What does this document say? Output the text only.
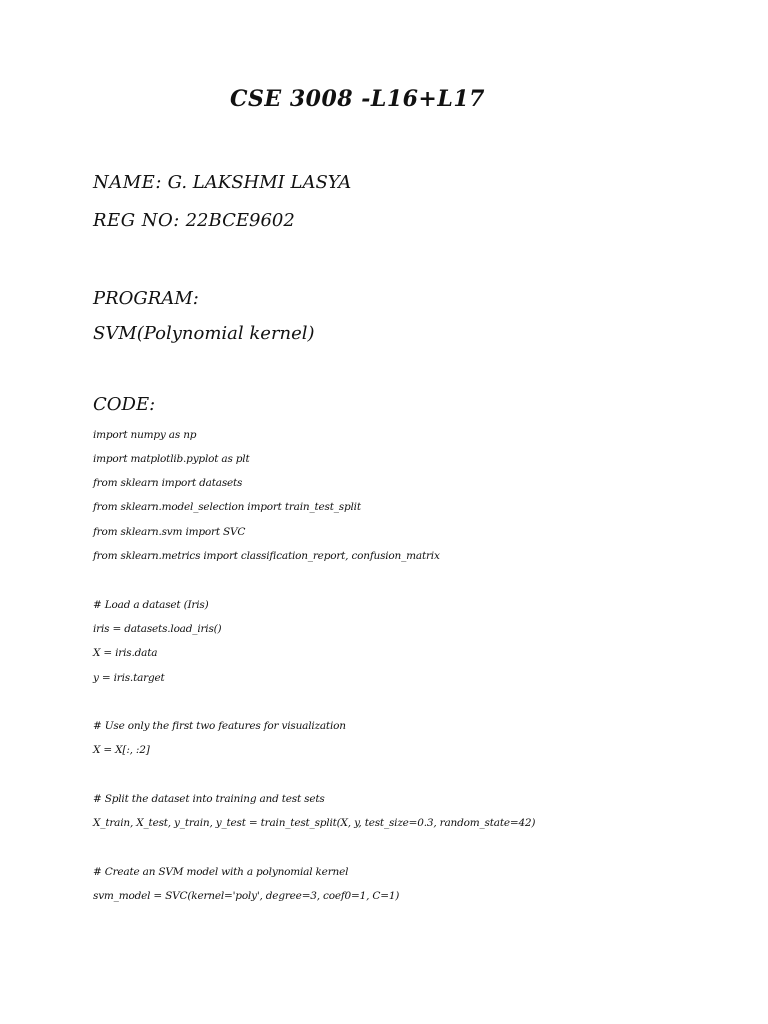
CSE 3008 -L16+L17
NAME: G. LAKSHMI LASYA
REG NO: 22BCE9602
PROGRAM:
SVM(Polynomial kernel)
CODE:
import numpy as np
import matplotlib.pyplot as plt
from sklearn import datasets
from sklearn.model_selection import train_test_split
from sklearn.svm import SVC
from sklearn.metrics import classification_report, confusion_matrix
# Load a dataset (Iris)
iris = datasets.load_iris()
X = iris.data
y = iris.target
# Use only the first two features for visualization
X = X[:, :2]
# Split the dataset into training and test sets
X_train, X_test, y_train, y_test = train_test_split(X, y, test_size=0.3, random_state=42)
# Create an SVM model with a polynomial kernel
svm_model = SVC(kernel='poly', degree=3, coef0=1, C=1)
